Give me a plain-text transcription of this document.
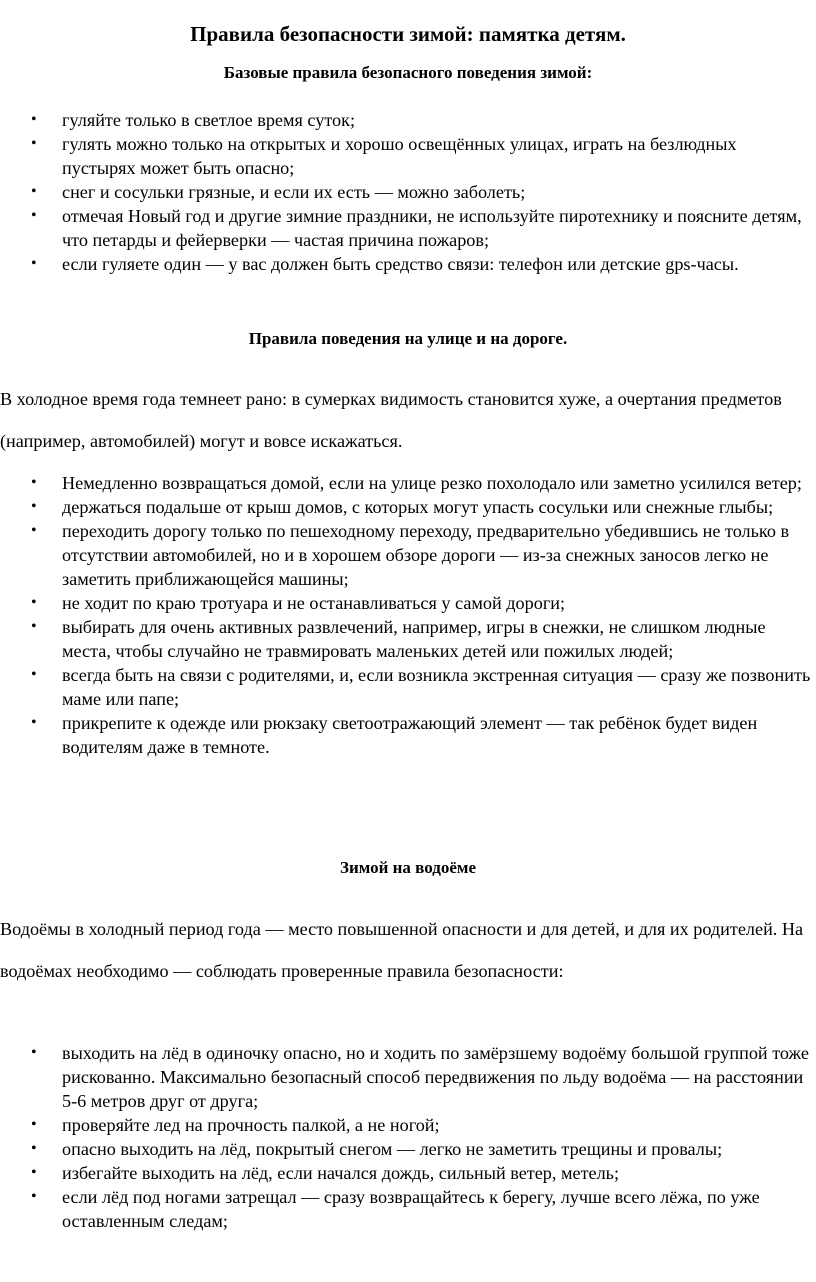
Правила безопасности зимой: памятка детям.
Базовые правила безопасного поведения зимой:
• гуляйте только в светлое время суток;
• гулять можно только на открытых и хорошо освещённых улицах, играть на безлюдных пустырях может быть опасно;
• снег и сосульки грязные, и если их есть — можно заболеть;
• отмечая Новый год и другие зимние праздники, не используйте пиротехнику и поясните детям, что петарды и фейерверки — частая причина пожаров;
• если гуляете один — у вас должен быть средство связи: телефон или детские gps-часы.
Правила поведения на улице и на дороге.

В холодное время года темнеет рано: в сумерках видимость становится хуже, а очертания предметов (например, автомобилей) могут и вовсе искажаться.

• Немедленно возвращаться домой, если на улице резко похолодало или заметно усилился ветер;
• держаться подальше от крыш домов, с которых могут упасть сосульки или снежные глыбы;
• переходить дорогу только по пешеходному переходу, предварительно убедившись не только в отсутствии автомобилей, но и в хорошем обзоре дороги — из-за снежных заносов легко не заметить приближающейся машины;
• не ходит по краю тротуара и не останавливаться у самой дороги;
• выбирать для очень активных развлечений, например, игры в снежки, не слишком людные места, чтобы случайно не травмировать маленьких детей или пожилых людей;
• всегда быть на связи с родителями, и, если возникла экстренная ситуация — сразу же позвонить маме или папе;
• прикрепите к одежде или рюкзаку светоотражающий элемент — так ребёнок будет виден водителям даже в темноте.
Зимой на водоёме

Водоёмы в холодный период года — место повышенной опасности и для детей, и для их родителей. На водоёмах необходимо — соблюдать проверенные правила безопасности:

• выходить на лёд в одиночку опасно, но и ходить по замёрзшему водоёму большой группой тоже рискованно. Максимально безопасный способ передвижения по льду водоёма — на расстоянии 5-6 метров друг от друга;
• проверяйте лед на прочность палкой, а не ногой;
• опасно выходить на лёд, покрытый снегом — легко не заметить трещины и провалы;
• избегайте выходить на лёд, если начался дождь, сильный ветер, метель;
• если лёд под ногами затрещал — сразу возвращайтесь к берегу, лучше всего лёжа, по уже оставленным следам;
